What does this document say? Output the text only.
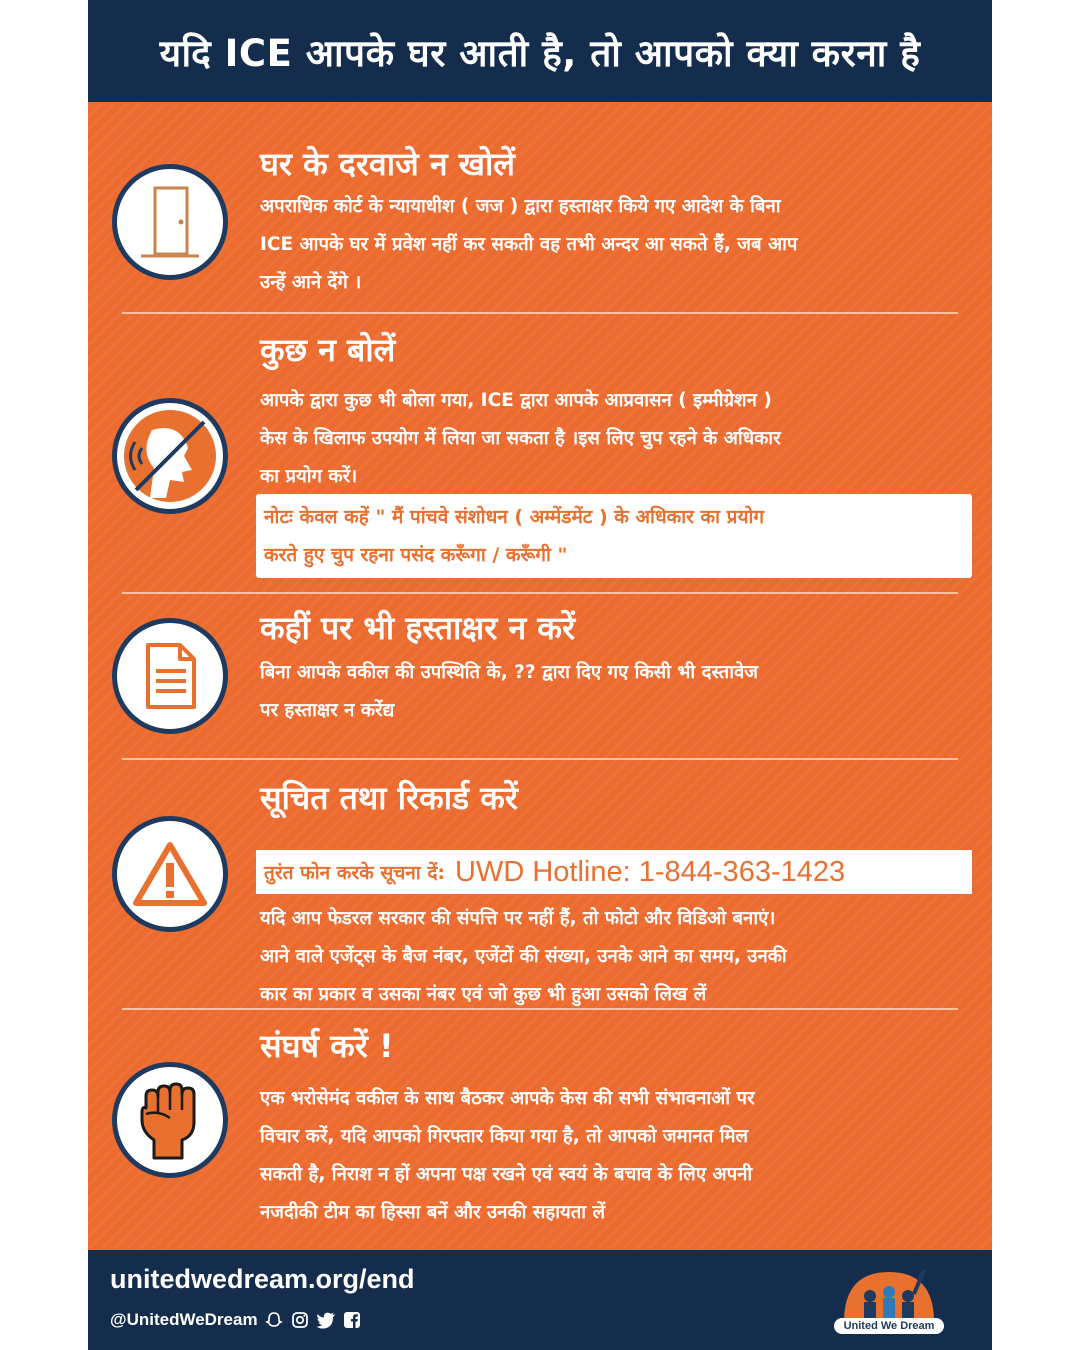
यदि ICE आपके घर आती है, तो आपको क्या करना है
घर के दरवाजे न खोलें
अपराधिक कोर्ट के न्यायाधीश ( जज ) द्वारा हस्ताक्षर किये गए आदेश के बिना
ICE आपके घर में प्रवेश नहीं कर सकती वह तभी अन्दर आ सकते हैं, जब आप
उन्हें आने देंगे ।
कुछ न बोलें
आपके द्वारा कुछ भी बोला गया, ICE द्वारा आपके आप्रवासन ( इम्मीग्रेशन )
केस के खिलाफ उपयोग में लिया जा सकता है ।इस लिए चुप रहने के अधिकार
का प्रयोग करें।
नोटः केवल कहें " मैं पांचवे संशोधन ( अम्मेंडमेंट ) के अधिकार का प्रयोग
करते हुए चुप रहना पसंद करूँगा / करूँगी "
कहीं पर भी हस्ताक्षर न करें
बिना आपके वकील की उपस्थिति के, ?? द्वारा दिए गए किसी भी दस्तावेज
पर हस्ताक्षर न करेंद्य
सूचित तथा रिकार्ड करें
तुरंत फोन करके सूचना दें: UWD Hotline: 1-844-363-1423
यदि आप फेडरल सरकार की संपत्ति पर नहीं हैं, तो फोटो और विडिओ बनाएं।
आने वाले एजेंट्स के बैज नंबर, एजेंटों की संख्या, उनके आने का समय, उनकी
कार का प्रकार व उसका नंबर एवं जो कुछ भी हुआ उसको लिख लें
संघर्ष करें !
एक भरोसेमंद वकील के साथ बैठकर आपके केस की सभी संभावनाओं पर
विचार करें, यदि आपको गिरफ्तार किया गया है, तो आपको जमानत मिल
सकती है, निराश न हों अपना पक्ष रखने एवं स्वयं के बचाव के लिए अपनी
नजदीकी टीम का हिस्सा बनें और उनकी सहायता लें
unitedwedream.org/end
@UnitedWeDream	United We Dream
